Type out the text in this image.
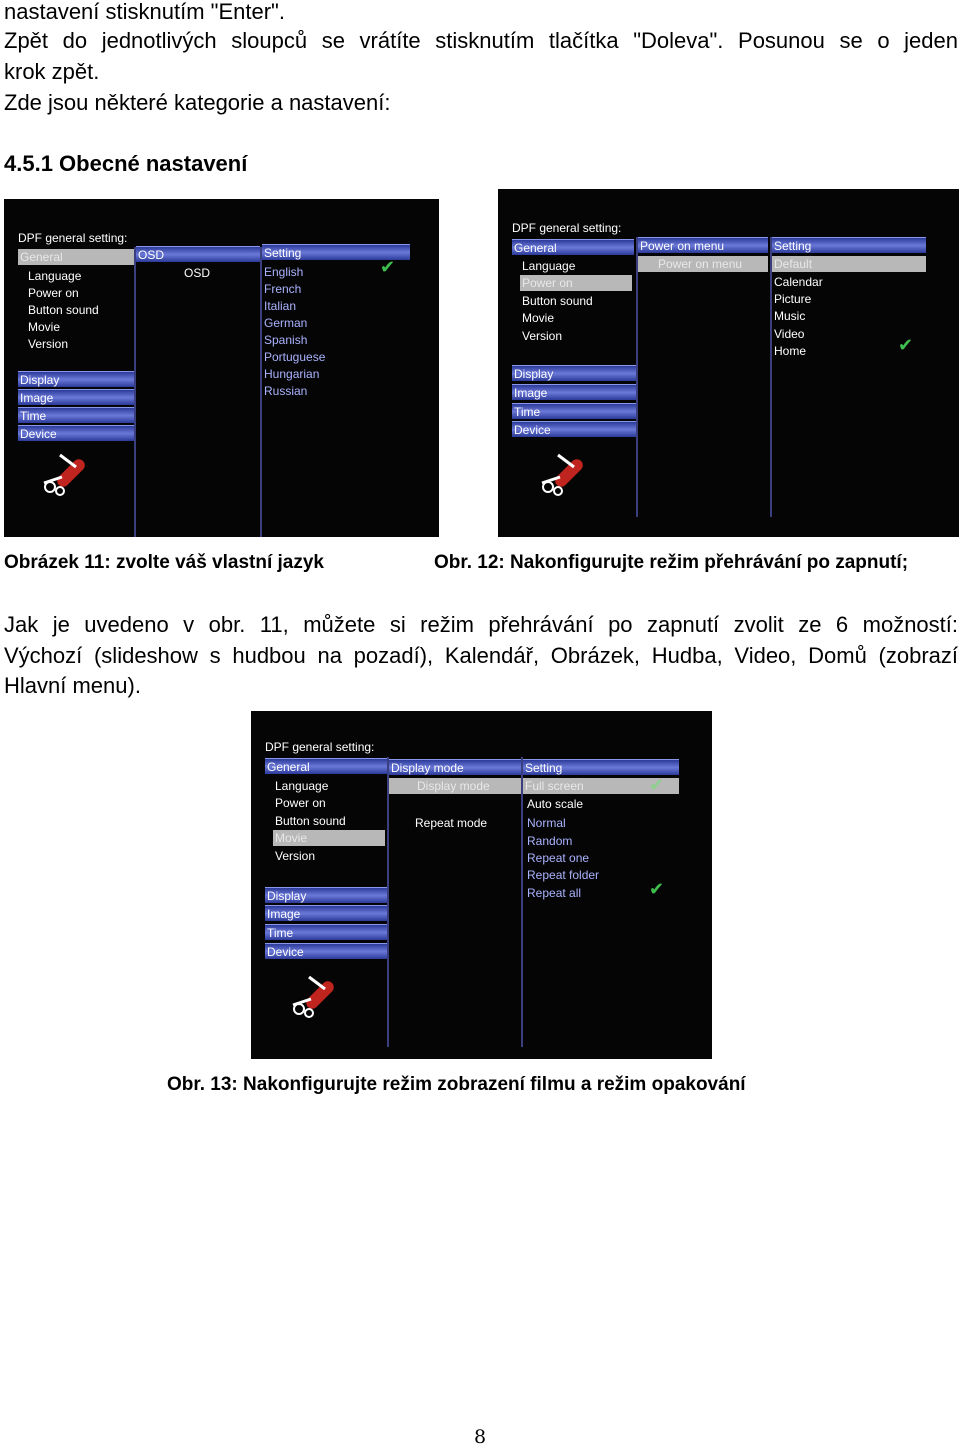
nastavení stisknutím "Enter".
Zpět do jednotlivých sloupců se vrátíte stisknutím tlačítka "Doleva". Posunou se o jeden
krok zpět.
Zde jsou některé kategorie a nastavení:
4.5.1 Obecné nastavení
DPF general setting:
General
Language
Power on
Button sound
Movie
Version
Display
Image
Time
Device
OSD
OSD
Setting
English
French
Italian
German
Spanish
Portuguese
Hungarian
Russian
✔
DPF general setting:
General
Language
Power on
Button sound
Movie
Version
Display
Image
Time
Device
Power on menu
Power on menu
Setting
Default
Calendar
Picture
Music
Video
Home	✔
Obrázek 11: zvolte váš vlastní jazyk	Obr. 12: Nakonfigurujte režim přehrávání po zapnutí;
Jak je uvedeno v obr. 11, můžete si režim přehrávání po zapnutí zvolit ze 6 možností:
Výchozí (slideshow s hudbou na pozadí), Kalendář, Obrázek, Hudba, Video, Domů (zobrazí
Hlavní menu).
DPF general setting:
General
Language
Power on
Button sound
Movie
Version
Display
Image
Time
Device
Display mode
Display mode
Repeat mode
Setting
Full screen
Auto scale
Normal
Random
Repeat one
Repeat folder
Repeat all
✔
✔
Obr. 13: Nakonfigurujte režim zobrazení filmu a režim opakování
8
